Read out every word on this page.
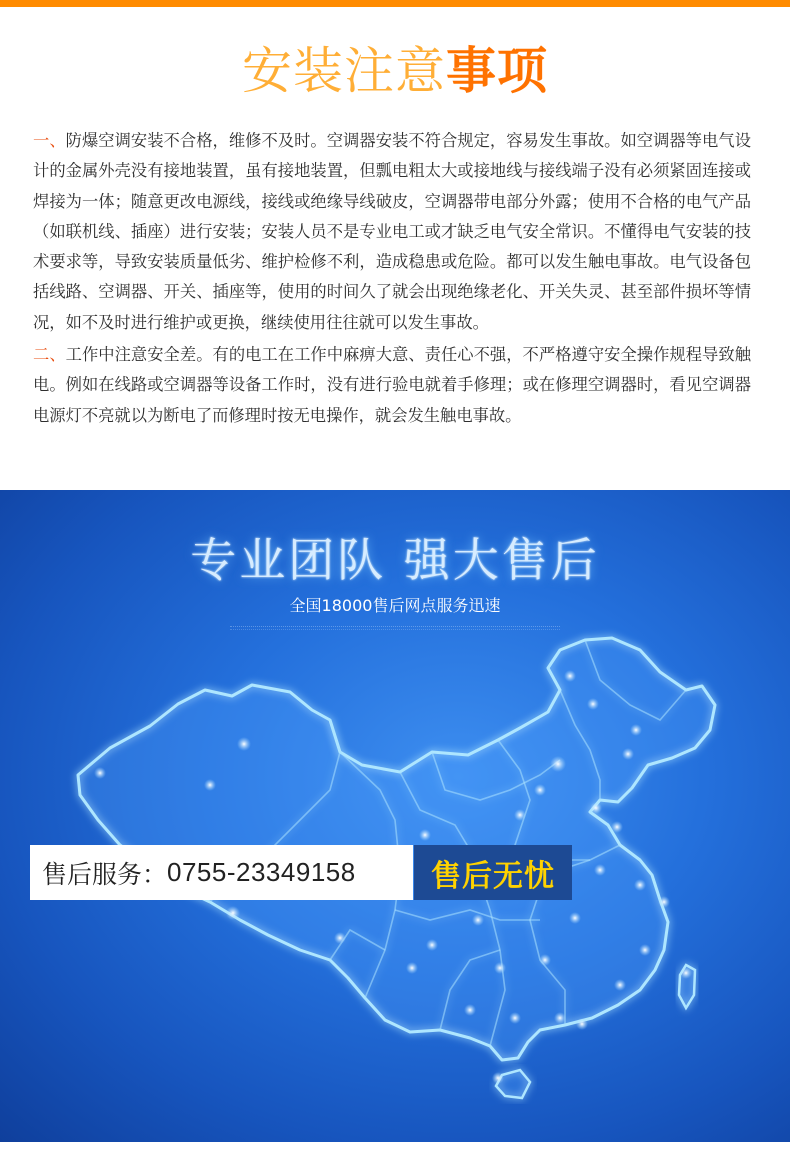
安装注意事项

一、防爆空调安装不合格，维修不及时。空调器安装不符合规定，容易发生事故。如空调器等电气设计的金属外壳没有接地装置，虽有接地装置，但瓢电粗太大或接地线与接线端子没有必须紧固连接或焊接为一体；随意更改电源线，接线或绝缘导线破皮，空调器带电部分外露；使用不合格的电气产品（如联机线、插座）进行安装；安装人员不是专业电工或才缺乏电气安全常识。不懂得电气安装的技术要求等，导致安装质量低劣、维护检修不利，造成稳患或危险。都可以发生触电事故。电气设备包括线路、空调器、开关、插座等，使用的时间久了就会出现绝缘老化、开关失灵、甚至部件损坏等情况，如不及时进行维护或更换，继续使用往往就可以发生事故。

二、工作中注意安全差。有的电工在工作中麻痹大意、责任心不强，不严格遵守安全操作规程导致触电。例如在线路或空调器等设备工作时，没有进行验电就着手修理；或在修理空调器时，看见空调器电源灯不亮就以为断电了而修理时按无电操作，就会发生触电事故。

专业团队 强大售后
全国18000售后网点服务迅速
售后服务： 0755-23349158	售后无忧
